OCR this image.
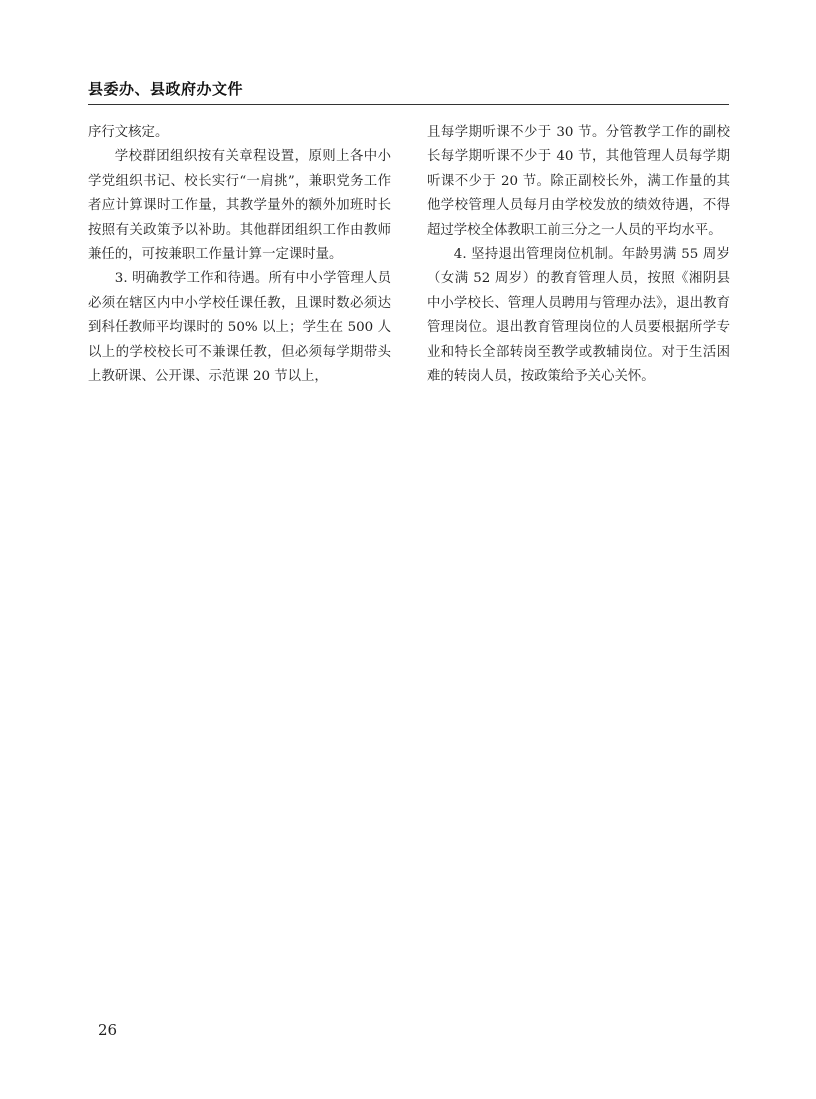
县委办、县政府办文件

序行文核定。

学校群团组织按有关章程设置，原则上各中小学党组织书记、校长实行“一肩挑”，兼职党务工作者应计算课时工作量，其教学量外的额外加班时长按照有关政策予以补助。其他群团组织工作由教师兼任的，可按兼职工作量计算一定课时量。

3. 明确教学工作和待遇。所有中小学管理人员必须在辖区内中小学校任课任教，且课时数必须达到科任教师平均课时的 50% 以上；学生在 500 人以上的学校校长可不兼课任教，但必须每学期带头上教研课、公开课、示范课 20 节以上，

且每学期听课不少于 30 节。分管教学工作的副校长每学期听课不少于 40 节，其他管理人员每学期听课不少于 20 节。除正副校长外，满工作量的其他学校管理人员每月由学校发放的绩效待遇，不得超过学校全体教职工前三分之一人员的平均水平。

4. 坚持退出管理岗位机制。年龄男满 55 周岁（女满 52 周岁）的教育管理人员，按照《湘阴县中小学校长、管理人员聘用与管理办法》，退出教育管理岗位。退出教育管理岗位的人员要根据所学专业和特长全部转岗至教学或教辅岗位。对于生活困难的转岗人员，按政策给予关心关怀。

26
